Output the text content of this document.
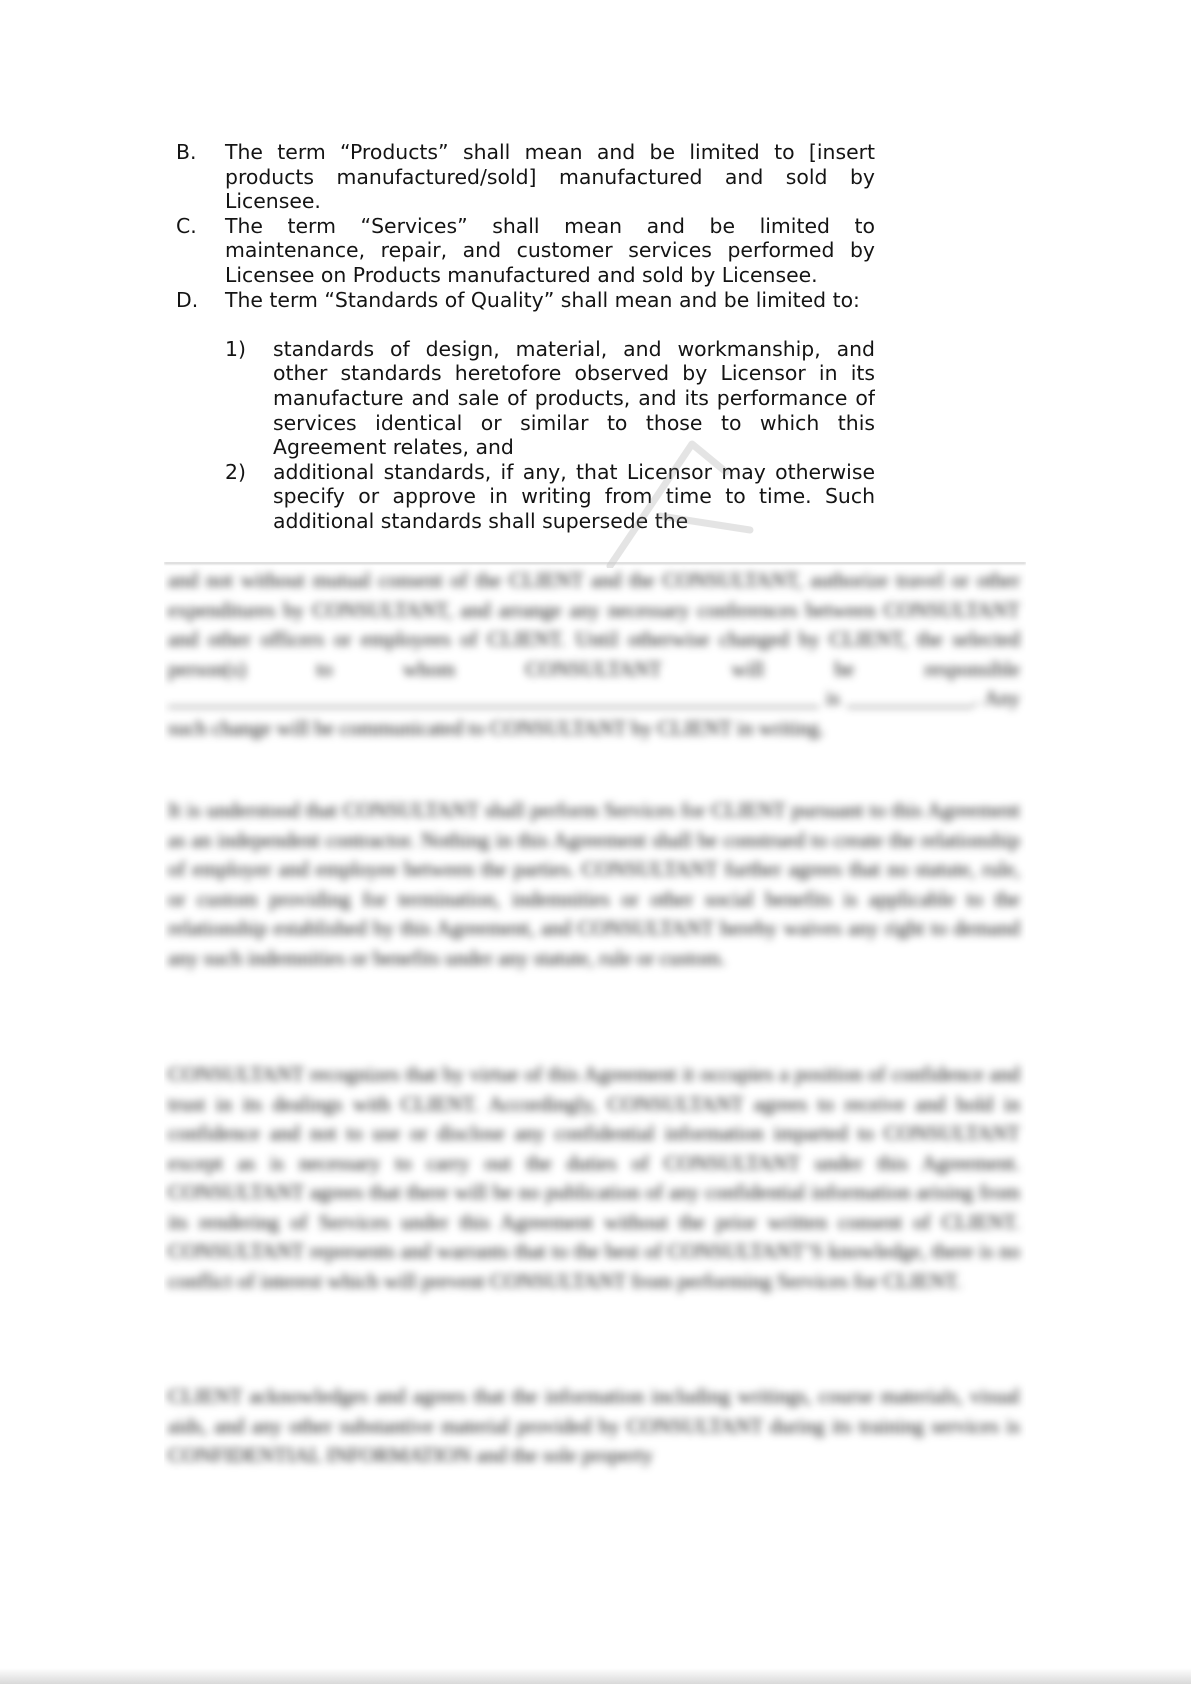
B.	The term “Products” shall mean and be limited to [insert products manufactured/sold] manufactured and sold by Licensee.
C.	The term “Services” shall mean and be limited to maintenance, repair, and customer services performed by Licensee on Products manufactured and sold by Licensee.
D.	The term “Standards of Quality” shall mean and be limited to:
1)	standards of design, material, and workmanship, and other standards heretofore observed by Licensor in its manufacture and sale of products, and its performance of services identical or similar to those to which this Agreement relates, and
2)	additional standards, if any, that Licensor may otherwise specify or approve in writing from time to time. Such additional standards shall supersede the
and not without mutual consent of the CLIENT and the CONSULTANT, authorize travel or other expenditures by CONSULTANT, and arrange any necessary conferences between CONSULTANT and other officers or employees of CLIENT. Until otherwise changed by CLIENT, the selected person(s) to whom CONSULTANT will be responsible ______________________________________________________________ is ____________. Any such change will be communicated to CONSULTANT by CLIENT in writing.
It is understood that CONSULTANT shall perform Services for CLIENT pursuant to this Agreement as an independent contractor. Nothing in this Agreement shall be construed to create the relationship of employer and employee between the parties. CONSULTANT further agrees that no statute, rule, or custom providing for termination, indemnities or other social benefits is applicable to the relationship established by this Agreement, and CONSULTANT hereby waives any right to demand any such indemnities or benefits under any statute, rule or custom.
CONSULTANT recognizes that by virtue of this Agreement it occupies a position of confidence and trust in its dealings with CLIENT. Accordingly, CONSULTANT agrees to receive and hold in confidence and not to use or disclose any confidential information imparted to CONSULTANT except as is necessary to carry out the duties of CONSULTANT under this Agreement. CONSULTANT agrees that there will be no publication of any confidential information arising from its rendering of Services under this Agreement without the prior written consent of CLIENT. CONSULTANT represents and warrants that to the best of CONSULTANT’S knowledge, there is no conflict of interest which will prevent CONSULTANT from performing Services for CLIENT.
CLIENT acknowledges and agrees that the information including writings, course materials, visual aids, and any other substantive material provided by CONSULTANT during its training services is CONFIDENTIAL INFORMATION and the sole property
